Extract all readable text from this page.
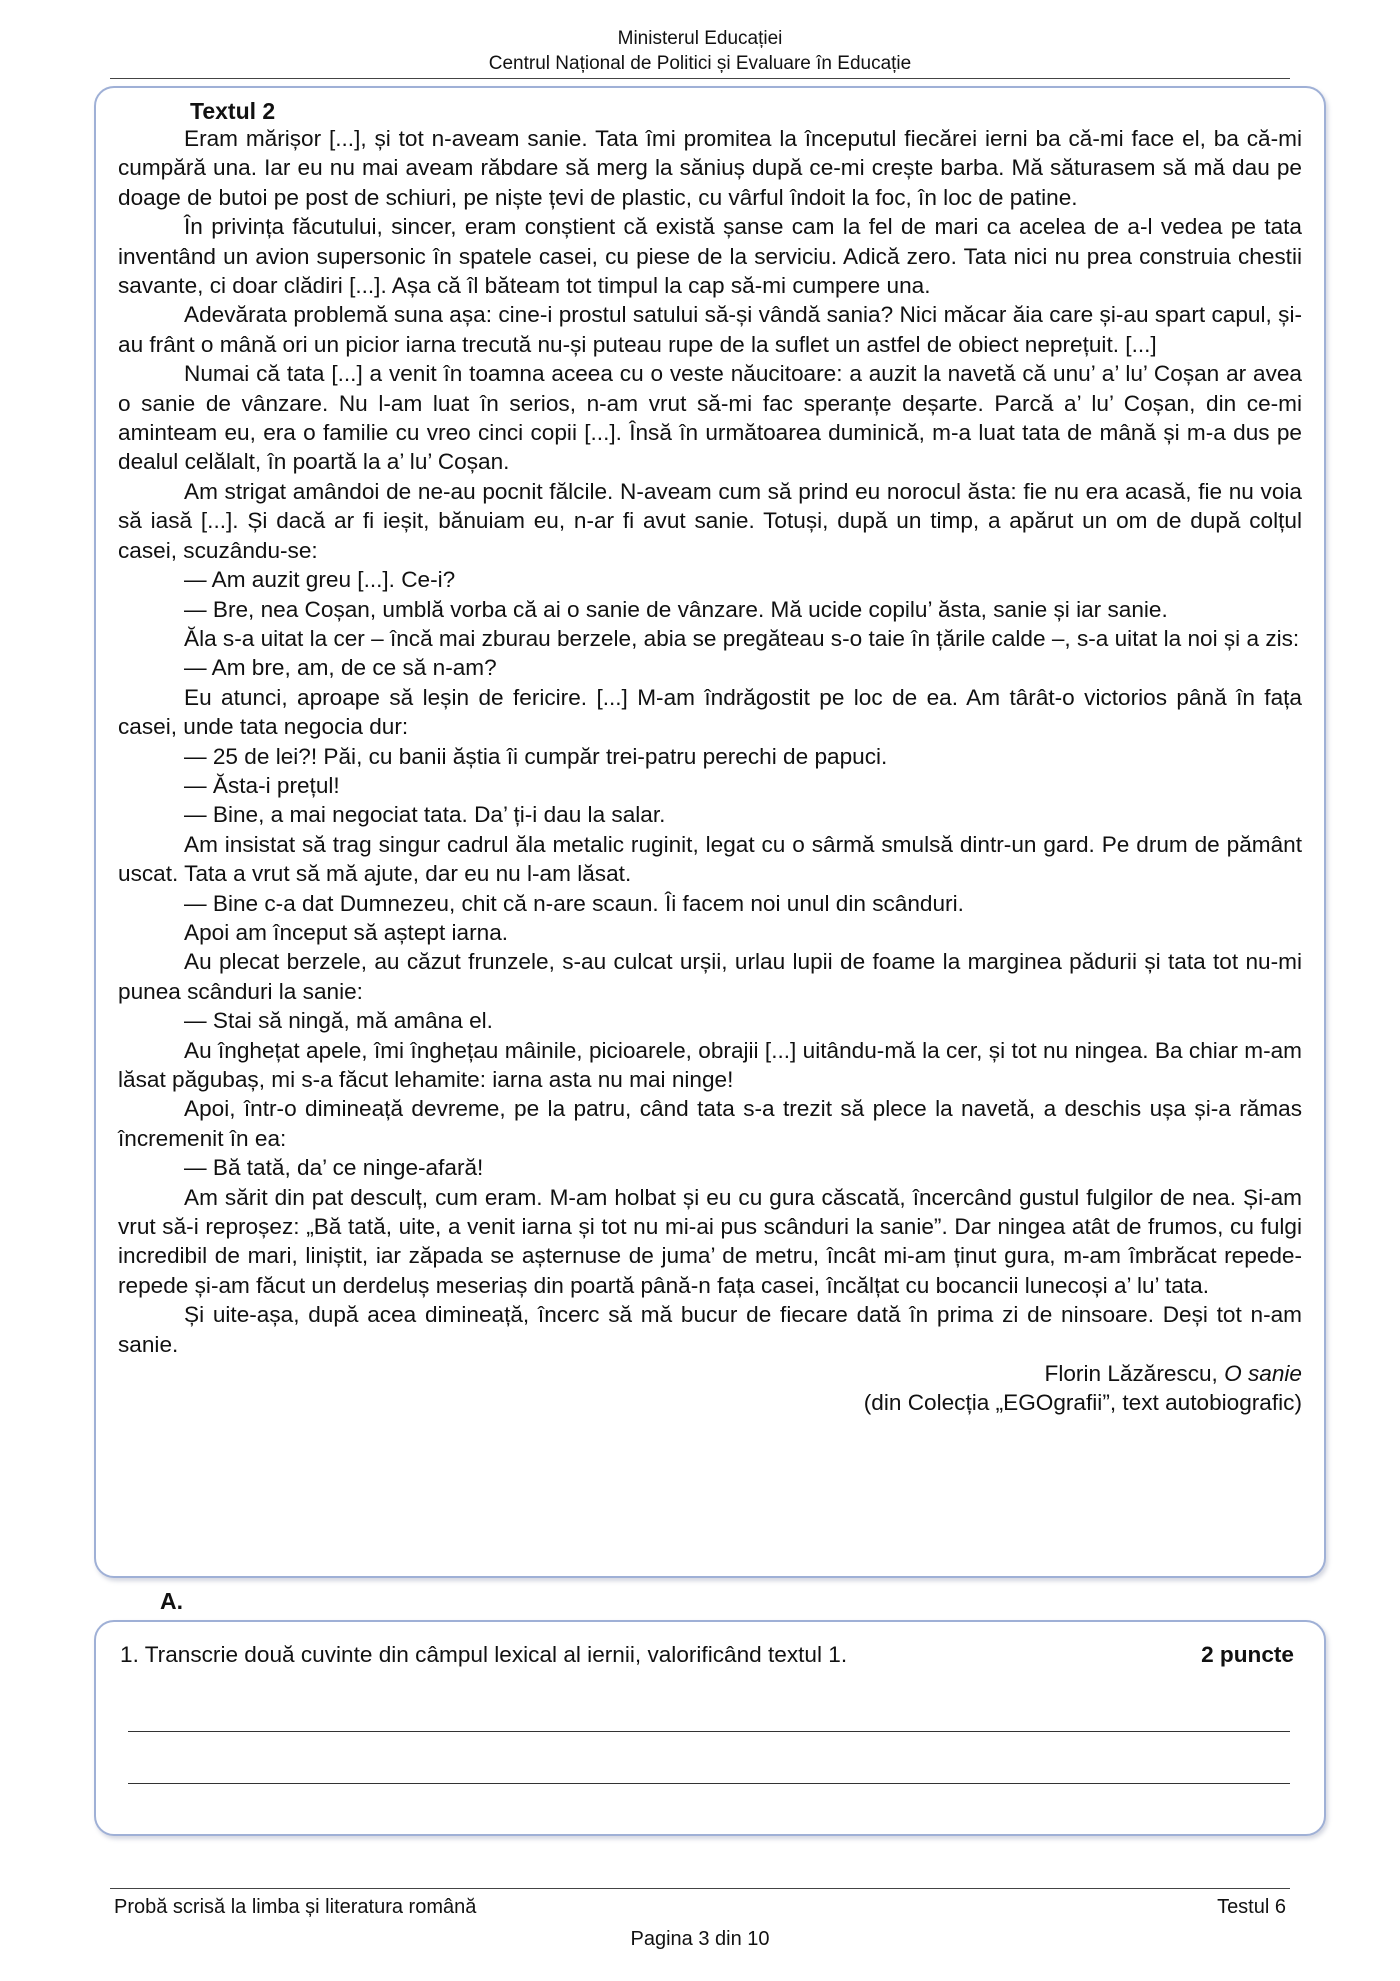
Ministerul Educației
Centrul Național de Politici și Evaluare în Educație
Textul 2

Eram mărișor [...], și tot n-aveam sanie. Tata îmi promitea la începutul fiecărei ierni ba că-mi face el, ba că-mi cumpără una. Iar eu nu mai aveam răbdare să merg la săniuș după ce-mi crește barba. Mă săturasem să mă dau pe doage de butoi pe post de schiuri, pe niște țevi de plastic, cu vârful îndoit la foc, în loc de patine.

În privința făcutului, sincer, eram conștient că există șanse cam la fel de mari ca acelea de a-l vedea pe tata inventând un avion supersonic în spatele casei, cu piese de la serviciu. Adică zero. Tata nici nu prea construia chestii savante, ci doar clădiri [...]. Așa că îl băteam tot timpul la cap să-mi cumpere una.

Adevărata problemă suna așa: cine-i prostul satului să-și vândă sania? Nici măcar ăia care și-au spart capul, și-au frânt o mână ori un picior iarna trecută nu-și puteau rupe de la suflet un astfel de obiect neprețuit. [...]

Numai că tata [...] a venit în toamna aceea cu o veste năucitoare: a auzit la navetă că unu’ a’ lu’ Coșan ar avea o sanie de vânzare. Nu l-am luat în serios, n-am vrut să-mi fac speranțe deșarte. Parcă a’ lu’ Coșan, din ce-mi aminteam eu, era o familie cu vreo cinci copii [...]. Însă în următoarea duminică, m-a luat tata de mână și m-a dus pe dealul celălalt, în poartă la a’ lu’ Coșan.

Am strigat amândoi de ne-au pocnit fălcile. N-aveam cum să prind eu norocul ăsta: fie nu era acasă, fie nu voia să iasă [...]. Și dacă ar fi ieșit, bănuiam eu, n-ar fi avut sanie. Totuși, după un timp, a apărut un om de după colțul casei, scuzându-se:

— Am auzit greu [...]. Ce-i?

— Bre, nea Coșan, umblă vorba că ai o sanie de vânzare. Mă ucide copilu’ ăsta, sanie și iar sanie.

Ăla s-a uitat la cer – încă mai zburau berzele, abia se pregăteau s-o taie în țările calde –, s-a uitat la noi și a zis:

— Am bre, am, de ce să n-am?

Eu atunci, aproape să leșin de fericire. [...] M-am îndrăgostit pe loc de ea. Am târât-o victorios până în fața casei, unde tata negocia dur:

— 25 de lei?! Păi, cu banii ăștia îi cumpăr trei-patru perechi de papuci.

— Ăsta-i prețul!

— Bine, a mai negociat tata. Da’ ți-i dau la salar.

Am insistat să trag singur cadrul ăla metalic ruginit, legat cu o sârmă smulsă dintr-un gard. Pe drum de pământ uscat. Tata a vrut să mă ajute, dar eu nu l-am lăsat.

— Bine c-a dat Dumnezeu, chit că n-are scaun. Îi facem noi unul din scânduri.

Apoi am început să aștept iarna.

Au plecat berzele, au căzut frunzele, s-au culcat urșii, urlau lupii de foame la marginea pădurii și tata tot nu-mi punea scânduri la sanie:

— Stai să ningă, mă amâna el.

Au înghețat apele, îmi înghețau mâinile, picioarele, obrajii [...] uitându-mă la cer, și tot nu ningea. Ba chiar m-am lăsat păgubaș, mi s-a făcut lehamite: iarna asta nu mai ninge!

Apoi, într-o dimineață devreme, pe la patru, când tata s-a trezit să plece la navetă, a deschis ușa și-a rămas încremenit în ea:

— Bă tată, da’ ce ninge-afară!

Am sărit din pat desculț, cum eram. M-am holbat și eu cu gura căscată, încercând gustul fulgilor de nea. Și-am vrut să-i reproșez: „Bă tată, uite, a venit iarna și tot nu mi-ai pus scânduri la sanie”. Dar ningea atât de frumos, cu fulgi incredibil de mari, liniștit, iar zăpada se așternuse de juma’ de metru, încât mi-am ținut gura, m-am îmbrăcat repede-repede și-am făcut un derdeluș meseriaș din poartă până-n fața casei, încălțat cu bocancii lunecoși a’ lu’ tata.

Și uite-așa, după acea dimineață, încerc să mă bucur de fiecare dată în prima zi de ninsoare. Deși tot n-am sanie.

Florin Lăzărescu, O sanie

(din Colecția „EGOgrafii”, text autobiografic)

A.
1. Transcrie două cuvinte din câmpul lexical al iernii, valorificând textul 1.	2 puncte
Probă scrisă la limba și literatura română	Testul 6
Pagina 3 din 10
